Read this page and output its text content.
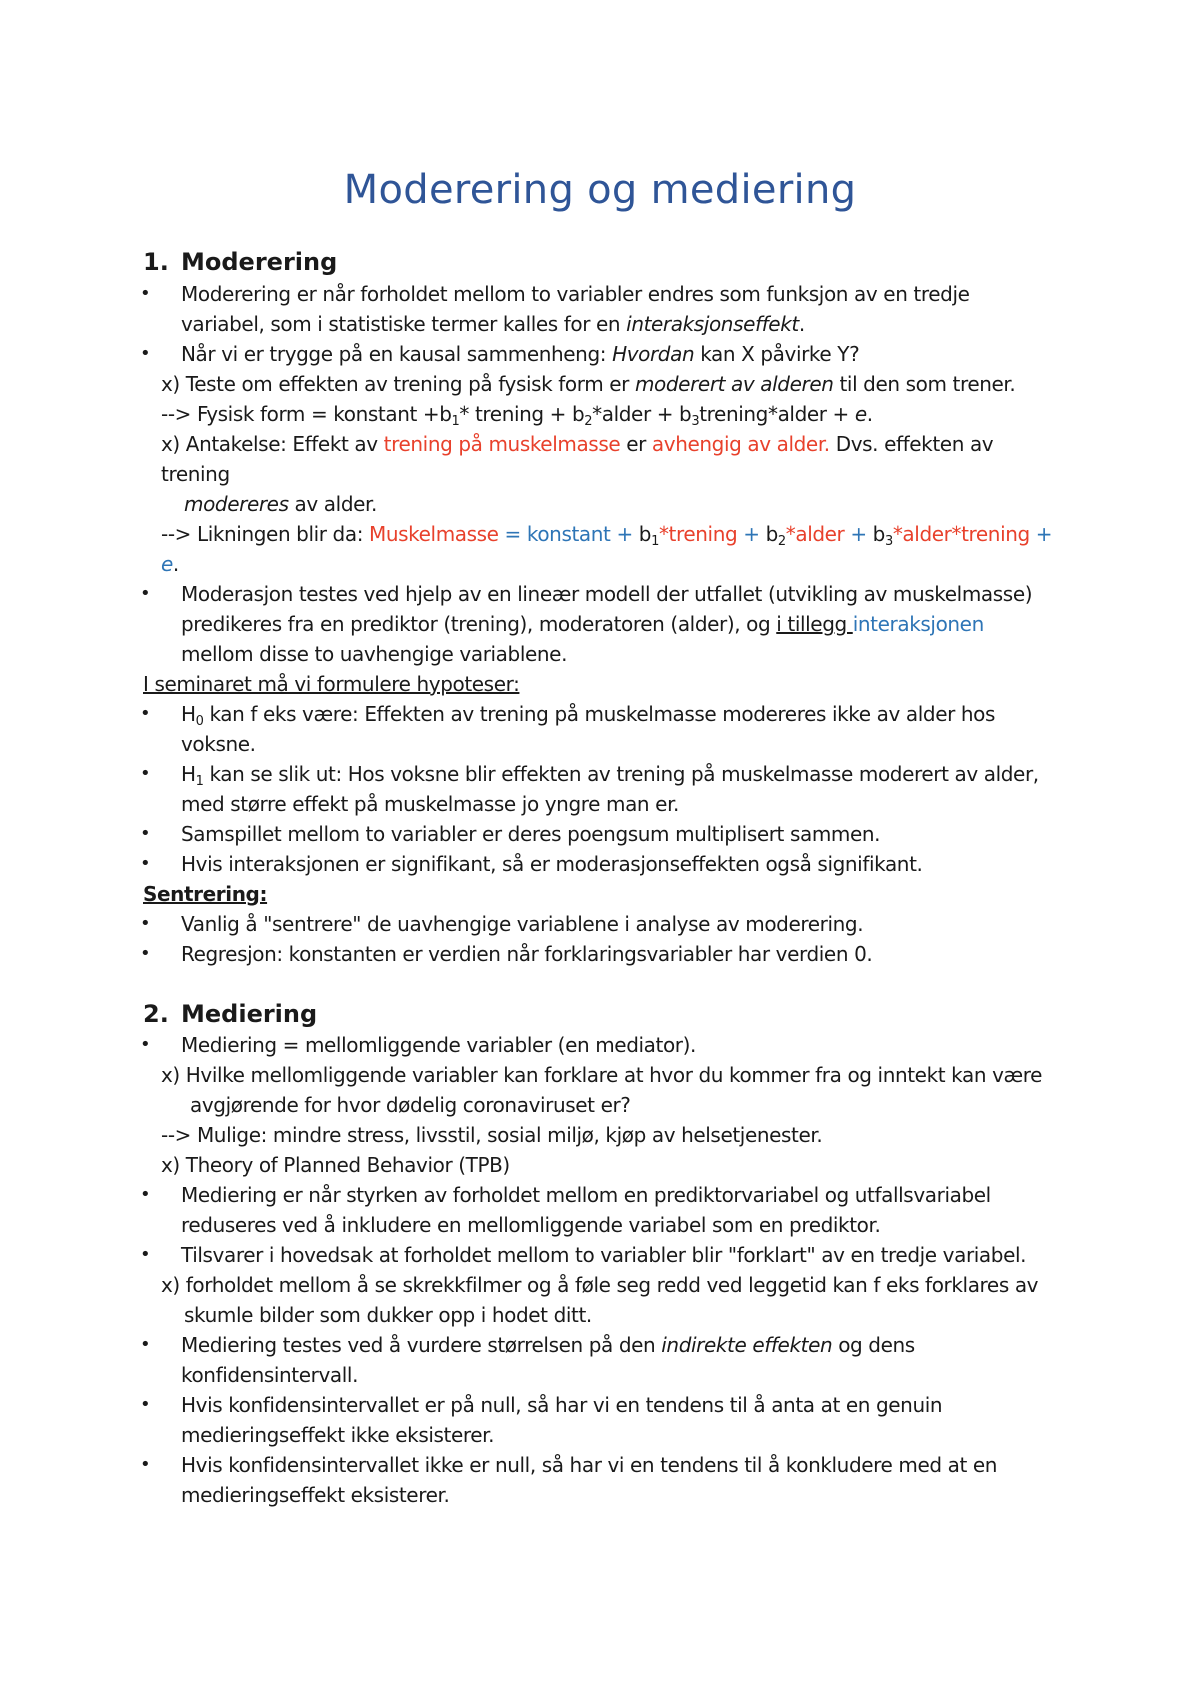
Moderering og mediering
1. Moderering
• Moderering er når forholdet mellom to variabler endres som funksjon av en tredje
variabel, som i statistiske termer kalles for en interaksjonseffekt.
• Når vi er trygge på en kausal sammenheng: Hvordan kan X påvirke Y?
x) Teste om effekten av trening på fysisk form er moderert av alderen til den som trener.
--> Fysisk form = konstant $+b_1*$ trening + $b_2*alder$ + $b_3trening*alder + e$.
x) Antakelse: Effekt av trening på muskelmasse er avhengig av alder. Dvs. effekten av
trening
modereres av alder.
--> Likningen blir da: Muskelmasse = konstant + $b_1*trening$ + $b_2*alder$ + $b_3*alder*trening$ +
e.
• Moderasjon testes ved hjelp av en lineær modell der utfallet (utvikling av muskelmasse)
predikeres fra en prediktor (trening), moderatoren (alder), og i tillegg interaksjonen
mellom disse to uavhengige variablene.
I seminaret må vi formulere hypoteser:
• $H_0$ kan f eks være: Effekten av trening på muskelmasse modereres ikke av alder hos
voksne.
• $H_1$ kan se slik ut: Hos voksne blir effekten av trening på muskelmasse moderert av alder,
med større effekt på muskelmasse jo yngre man er.
• Samspillet mellom to variabler er deres poengsum multiplisert sammen.
• Hvis interaksjonen er signifikant, så er moderasjonseffekten også signifikant.
Sentrering:
• Vanlig å "sentrere" de uavhengige variablene i analyse av moderering.
• Regresjon: konstanten er verdien når forklaringsvariabler har verdien 0.
2. Mediering
• Mediering = mellomliggende variabler (en mediator).
x) Hvilke mellomliggende variabler kan forklare at hvor du kommer fra og inntekt kan være
avgjørende for hvor dødelig coronaviruset er?
--> Mulige: mindre stress, livsstil, sosial miljø, kjøp av helsetjenester.
x) Theory of Planned Behavior (TPB)
• Mediering er når styrken av forholdet mellom en prediktorvariabel og utfallsvariabel
reduseres ved å inkludere en mellomliggende variabel som en prediktor.
• Tilsvarer i hovedsak at forholdet mellom to variabler blir "forklart" av en tredje variabel.
x) forholdet mellom å se skrekkfilmer og å føle seg redd ved leggetid kan f eks forklares av
skumle bilder som dukker opp i hodet ditt.
• Mediering testes ved å vurdere størrelsen på den indirekte effekten og dens
konfidensintervall.
• Hvis konfidensintervallet er på null, så har vi en tendens til å anta at en genuin
medieringseffekt ikke eksisterer.
• Hvis konfidensintervallet ikke er null, så har vi en tendens til å konkludere med at en
medieringseffekt eksisterer.
